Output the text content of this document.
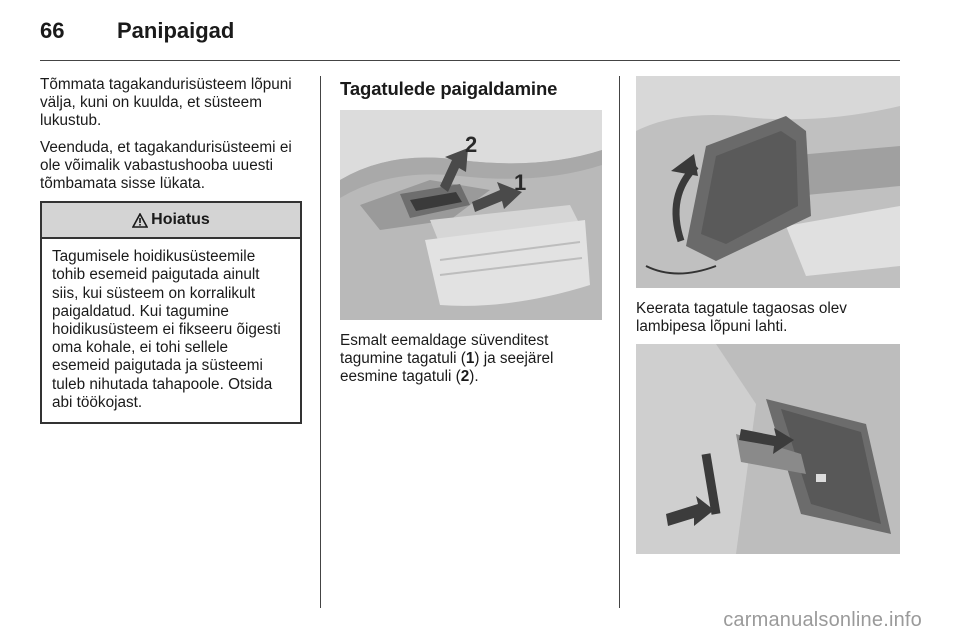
66	Panipaigad

Tõmmata tagakandurisüsteem lõpuni välja, kuni on kuulda, et süsteem lukustub.

Veenduda, et tagakandurisüsteemi ei ole võimalik vabastushooba uuesti tõmbamata sisse lükata.

Hoiatus
Tagumisele hoidikusüsteemile tohib esemeid paigutada ainult siis, kui süsteem on korralikult paigaldatud. Kui tagumine hoidikusüsteem ei fikseeru õigesti oma kohale, ei tohi sellele esemeid paigutada ja süsteemi tuleb nihutada tahapoole. Otsida abi töökojast.
Tagatulede paigaldamine
2
1

Esmalt eemaldage süvenditest tagumine tagatuli (1) ja seejärel eesmine tagatuli (2).

Keerata tagatule tagaosas olev lambipesa lõpuni lahti.

carmanualsonline.info
